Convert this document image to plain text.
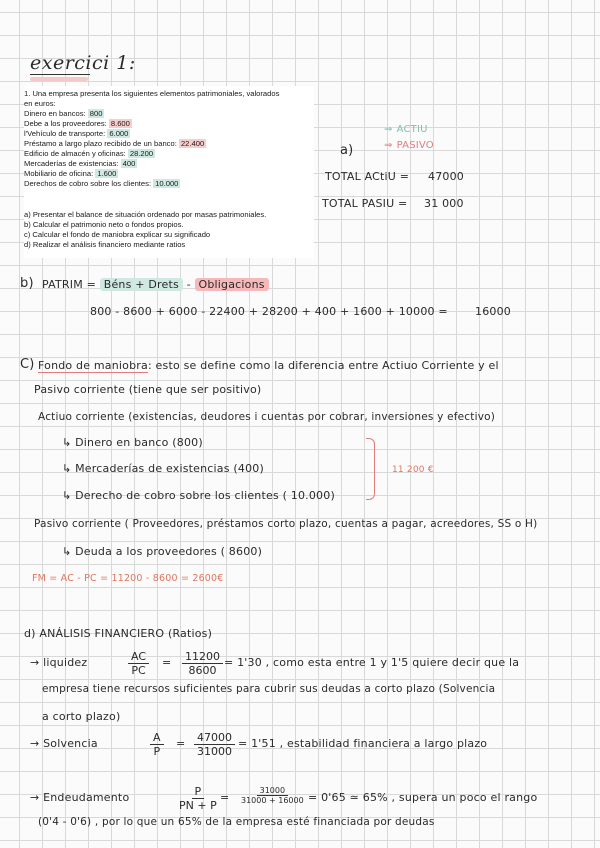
exercici 1:
1. Una empresa presenta los siguientes elementos patrimoniales, valorados
en euros:
Dinero en bancos: 800
Debe a los proveedores: 8.600
l'Vehículo de transporte: 6.000
Préstamo a largo plazo recibido de un banco: 22.400
Edificio de almacén y oficinas: 28.200
Mercaderías de existencias: 400
Mobiliario de oficina: 1.600
Derechos de cobro sobre los clientes: 10.000
a) Presentar el balance de situación ordenado por masas patrimoniales.
b) Calcular el patrimonio neto o fondos propios.
c) Calcular el fondo de maniobra explicar su significado
d) Realizar el análisis financiero mediante ratios
⇒ ACTIU
⇒ PASIVO
a)
TOTAL ACtiU = 47000
TOTAL PASIU = 31 000
b) PATRIM = Béns + Drets - Obligacions
800 - 8600 + 6000 - 22400 + 28200 + 400 + 1600 + 10000 = 16000
C) Fondo de maniobra: esto se define como la diferencia entre Actiuo Corriente y el
Pasivo corriente (tiene que ser positivo)
Actiuo corriente (existencias, deudores i cuentas por cobrar, inversiones y efectivo)
↳ Dinero en banco (800)
↳ Mercaderías de existencias (400)
↳ Derecho de cobro sobre los clientes ( 10.000)
11 200 €
Pasivo corriente ( Proveedores, préstamos corto plazo, cuentas a pagar, acreedores, SS o H)
↳ Deuda a los proveedores ( 8600)
FM = AC - PC = 11200 - 8600 = 2600€
d) ANÁLISIS FINANCIERO (Ratios)
→ liquidez	$\frac{AC}{PC} = \frac{11200}{8600} = 1'30$ , como esta entre 1 y 1'5 quiere decir que la
empresa tiene recursos suficientes para cubrir sus deudas a corto plazo (Solvencia
a corto plazo)
→ Solvencia	$\frac{A}{P} = \frac{47000}{31000} = 1'51$ , estabilidad financiera a largo plazo
→ Endeudamento	$\frac{P}{PN + P} = \frac{31000}{31000 + 16000} = 0'65$ ≃ 65% , supera un poco el rango
(0'4 - 0'6) , por lo que un 65% de la empresa esté financiada por deudas
